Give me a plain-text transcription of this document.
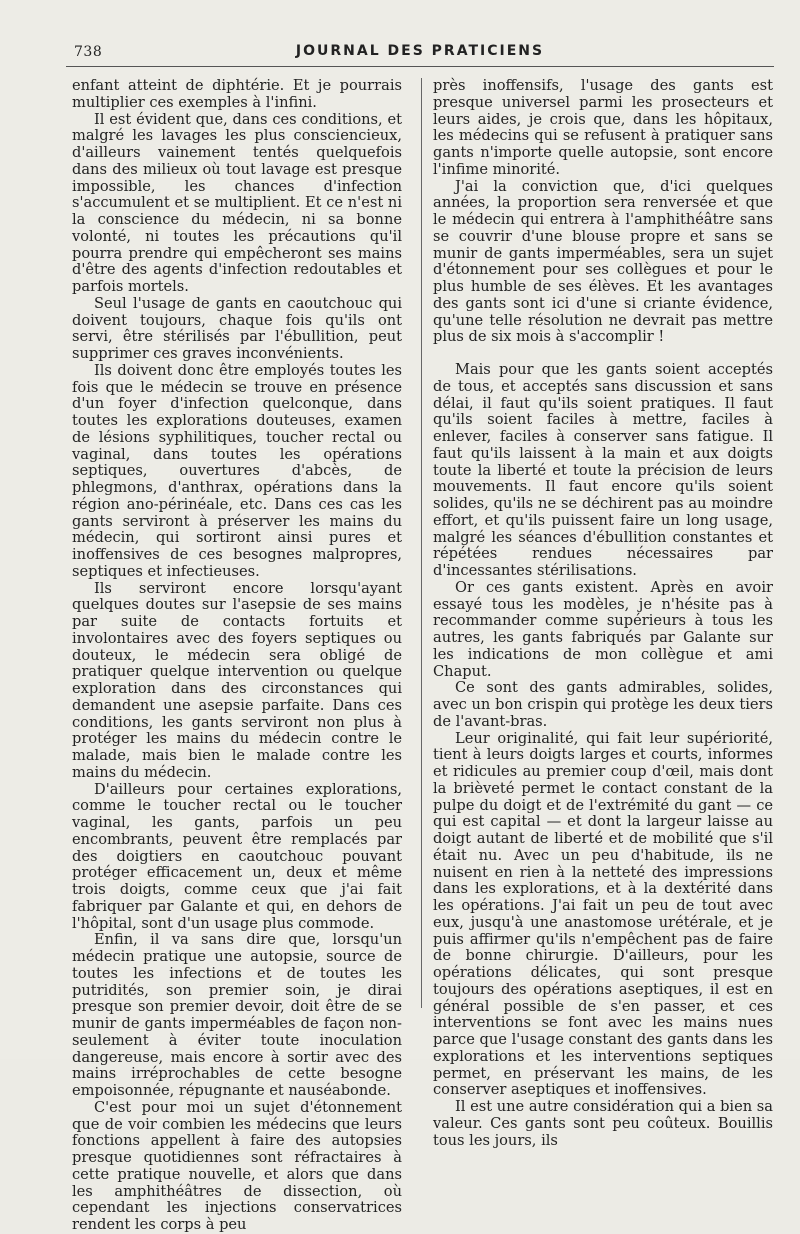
738	JOURNAL DES PRATICIENS

enfant atteint de diphtérie. Et je pourrais multiplier ces exemples à l'infini.

Il est évident que, dans ces conditions, et malgré les lavages les plus consciencieux, d'ailleurs vainement tentés quelquefois dans des milieux où tout lavage est presque impossible, les chances d'infection s'accumulent et se multiplient. Et ce n'est ni la conscience du médecin, ni sa bonne volonté, ni toutes les précautions qu'il pourra prendre qui empêcheront ses mains d'être des agents d'infection redoutables et parfois mortels.

Seul l'usage de gants en caoutchouc qui doivent toujours, chaque fois qu'ils ont servi, être stérilisés par l'ébullition, peut supprimer ces graves inconvénients.

Ils doivent donc être employés toutes les fois que le médecin se trouve en présence d'un foyer d'infection quelconque, dans toutes les explorations douteuses, examen de lésions syphilitiques, toucher rectal ou vaginal, dans toutes les opérations septiques, ouvertures d'abcès, de phlegmons, d'anthrax, opérations dans la région ano-périnéale, etc. Dans ces cas les gants serviront à préserver les mains du médecin, qui sortiront ainsi pures et inoffensives de ces besognes malpropres, septiques et infectieuses.

Ils serviront encore lorsqu'ayant quelques doutes sur l'asepsie de ses mains par suite de contacts fortuits et involontaires avec des foyers septiques ou douteux, le médecin sera obligé de pratiquer quelque intervention ou quelque exploration dans des circonstances qui demandent une asepsie parfaite. Dans ces conditions, les gants serviront non plus à protéger les mains du médecin contre le malade, mais bien le malade contre les mains du médecin.

D'ailleurs pour certaines explorations, comme le toucher rectal ou le toucher vaginal, les gants, parfois un peu encombrants, peuvent être remplacés par des doigtiers en caoutchouc pouvant protéger efficacement un, deux et même trois doigts, comme ceux que j'ai fait fabriquer par Galante et qui, en dehors de l'hôpital, sont d'un usage plus commode.

Enfin, il va sans dire que, lorsqu'un médecin pratique une autopsie, source de toutes les infections et de toutes les putridités, son premier soin, je dirai presque son premier devoir, doit être de se munir de gants imperméables de façon non-seulement à éviter toute inoculation dangereuse, mais encore à sortir avec des mains irréprochables de cette besogne empoisonnée, répugnante et nauséabonde.

C'est pour moi un sujet d'étonnement que de voir combien les médecins que leurs fonctions appellent à faire des autopsies presque quotidiennes sont réfractaires à cette pratique nouvelle, et alors que dans les amphithéâtres de dissection, où cependant les injections conservatrices rendent les corps à peu

près inoffensifs, l'usage des gants est presque universel parmi les prosecteurs et leurs aides, je crois que, dans les hôpitaux, les médecins qui se refusent à pratiquer sans gants n'importe quelle autopsie, sont encore l'infime minorité.

J'ai la conviction que, d'ici quelques années, la proportion sera renversée et que le médecin qui entrera à l'amphithéâtre sans se couvrir d'une blouse propre et sans se munir de gants imperméables, sera un sujet d'étonnement pour ses collègues et pour le plus humble de ses élèves. Et les avantages des gants sont ici d'une si criante évidence, qu'une telle résolution ne devrait pas mettre plus de six mois à s'accomplir !

Mais pour que les gants soient acceptés de tous, et acceptés sans discussion et sans délai, il faut qu'ils soient pratiques. Il faut qu'ils soient faciles à mettre, faciles à enlever, faciles à conserver sans fatigue. Il faut qu'ils laissent à la main et aux doigts toute la liberté et toute la précision de leurs mouvements. Il faut encore qu'ils soient solides, qu'ils ne se déchirent pas au moindre effort, et qu'ils puissent faire un long usage, malgré les séances d'ébullition constantes et répétées rendues nécessaires par d'incessantes stérilisations.

Or ces gants existent. Après en avoir essayé tous les modèles, je n'hésite pas à recommander comme supérieurs à tous les autres, les gants fabriqués par Galante sur les indications de mon collègue et ami Chaput.

Ce sont des gants admirables, solides, avec un bon crispin qui protège les deux tiers de l'avant-bras.

Leur originalité, qui fait leur supériorité, tient à leurs doigts larges et courts, informes et ridicules au premier coup d'œil, mais dont la brièveté permet le contact constant de la pulpe du doigt et de l'extrémité du gant — ce qui est capital — et dont la largeur laisse au doigt autant de liberté et de mobilité que s'il était nu. Avec un peu d'habitude, ils ne nuisent en rien à la netteté des impressions dans les explorations, et à la dextérité dans les opérations. J'ai fait un peu de tout avec eux, jusqu'à une anastomose urétérale, et je puis affirmer qu'ils n'empêchent pas de faire de bonne chirurgie. D'ailleurs, pour les opérations délicates, qui sont presque toujours des opérations aseptiques, il est en général possible de s'en passer, et ces interventions se font avec les mains nues parce que l'usage constant des gants dans les explorations et les interventions septiques permet, en préservant les mains, de les conserver aseptiques et inoffensives.

Il est une autre considération qui a bien sa valeur. Ces gants sont peu coûteux. Bouillis tous les jours, ils
